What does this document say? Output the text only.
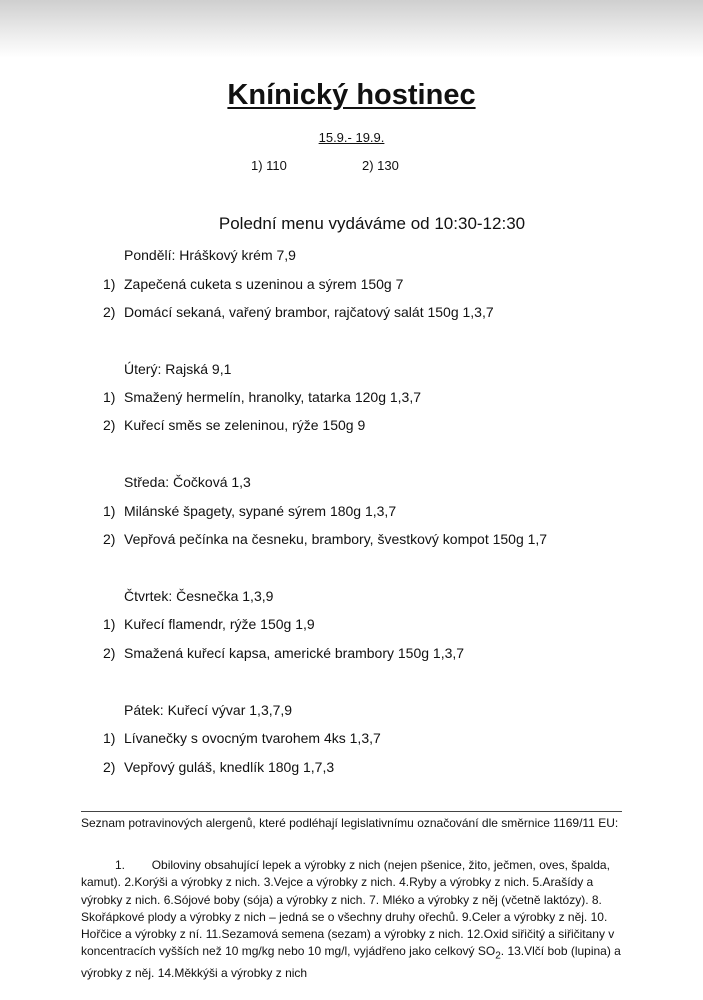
Knínický hostinec
15.9.- 19.9.
1) 110	2) 130
Polední menu vydáváme od 10:30-12:30
Pondělí: Hráškový krém 7,9
1) Zapečená cuketa s uzeninou a sýrem 150g 7
2) Domácí sekaná, vařený brambor, rajčatový salát 150g 1,3,7
Úterý: Rajská 9,1
1) Smažený hermelín, hranolky, tatarka 120g 1,3,7
2) Kuřecí směs se zeleninou, rýže 150g 9
Středa: Čočková 1,3
1) Milánské špagety, sypané sýrem 180g 1,3,7
2) Vepřová pečínka na česneku, brambory, švestkový kompot 150g 1,7
Čtvrtek: Česnečka 1,3,9
1) Kuřecí flamendr, rýže 150g 1,9
2) Smažená kuřecí kapsa, americké brambory 150g 1,3,7
Pátek: Kuřecí vývar 1,3,7,9
1) Lívanečky s ovocným tvarohem 4ks 1,3,7
2) Vepřový guláš, knedlík 180g 1,7,3
Seznam potravinových alergenů, které podléhají legislativnímu označování dle směrnice 1169/11 EU:
1. Obiloviny obsahující lepek a výrobky z nich (nejen pšenice, žito, ječmen, oves, špalda, kamut). 2.Korýši a výrobky z nich. 3.Vejce a výrobky z nich. 4.Ryby a výrobky z nich. 5.Arašídy a výrobky z nich. 6.Sójové boby (sója) a výrobky z nich. 7. Mléko a výrobky z něj (včetně laktózy). 8. Skořápkové plody a výrobky z nich – jedná se o všechny druhy ořechů. 9.Celer a výrobky z něj. 10. Hořčice a výrobky z ní. 11.Sezamová semena (sezam) a výrobky z nich. 12.Oxid siřičitý a siřičitany v koncentracích vyšších než 10 mg/kg nebo 10 mg/l, vyjádřeno jako celkový $SO_2$. 13.Vlčí bob (lupina) a výrobky z něj. 14.Měkkýši a výrobky z nich
